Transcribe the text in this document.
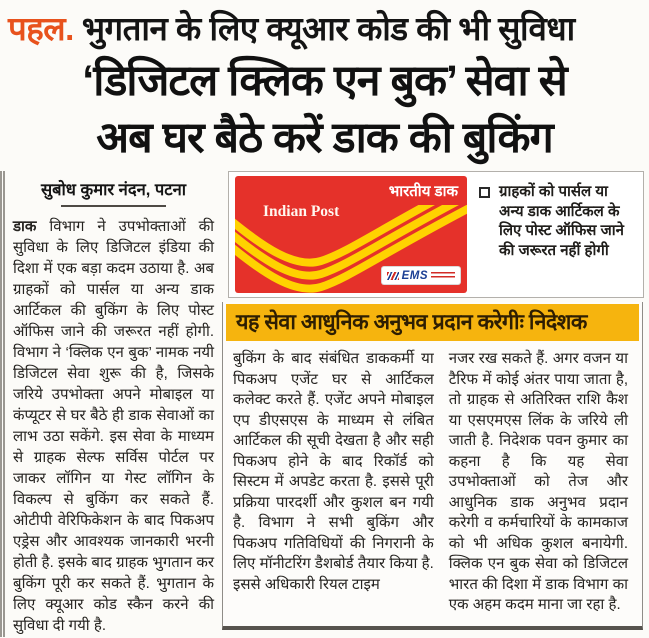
पहल. भुगतान के लिए क्यूआर कोड की भी सुविधा
‘डिजिटल क्लिक एन बुक’ सेवा से
अब घर बैठे करें डाक की बुकिंग
सुबोध कुमार नंदन, पटना
डाक विभाग ने उपभोक्ताओं की सुविधा के लिए डिजिटल इंडिया की दिशा में एक बड़ा कदम उठाया है. अब ग्राहकों को पार्सल या अन्य डाक आर्टिकल की बुकिंग के लिए पोस्ट ऑफिस जाने की जरूरत नहीं होगी. विभाग ने ‘क्लिक एन बुक’ नामक नयी डिजिटल सेवा शुरू की है, जिसके जरिये उपभोक्ता अपने मोबाइल या कंप्यूटर से घर बैठे ही डाक सेवाओं का लाभ उठा सकेंगे. इस सेवा के माध्यम से ग्राहक सेल्फ सर्विस पोर्टल पर जाकर लॉगिन या गेस्ट लॉगिन के विकल्प से बुकिंग कर सकते हैं. ओटीपी वेरिफिकेशन के बाद पिकअप एड्रेस और आवश्यक जानकारी भरनी होती है. इसके बाद ग्राहक भुगतान कर बुकिंग पूरी कर सकते हैं. भुगतान के लिए क्यूआर कोड स्कैन करने की सुविधा दी गयी है.
भारतीय डाक
Indian Post
EMS
ग्राहकों को पार्सल या अन्य डाक आर्टिकल के लिए पोस्ट ऑफिस जाने की जरूरत नहीं होगी
यह सेवा आधुनिक अनुभव प्रदान करेगीः निदेशक
बुकिंग के बाद संबंधित डाककर्मी या पिकअप एजेंट घर से आर्टिकल कलेक्ट करते हैं. एजेंट अपने मोबाइल एप डीएसएस के माध्यम से लंबित आर्टिकल की सूची देखता है और सही पिकअप होने के बाद रिकॉर्ड को सिस्टम में अपडेट करता है. इससे पूरी प्रक्रिया पारदर्शी और कुशल बन गयी है. विभाग ने सभी बुकिंग और पिकअप गतिविधियों की निगरानी के लिए मॉनीटरिंग डैशबोर्ड तैयार किया है. इससे अधिकारी रियल टाइम
नजर रख सकते हैं. अगर वजन या टैरिफ में कोई अंतर पाया जाता है, तो ग्राहक से अतिरिक्त राशि कैश या एसएमएस लिंक के जरिये ली जाती है. निदेशक पवन कुमार का कहना है कि यह सेवा उपभोक्ताओं को तेज और आधुनिक डाक अनुभव प्रदान करेगी व कर्मचारियों के कामकाज को भी अधिक कुशल बनायेगी. क्लिक एन बुक सेवा को डिजिटल भारत की दिशा में डाक विभाग का एक अहम कदम माना जा रहा है.
